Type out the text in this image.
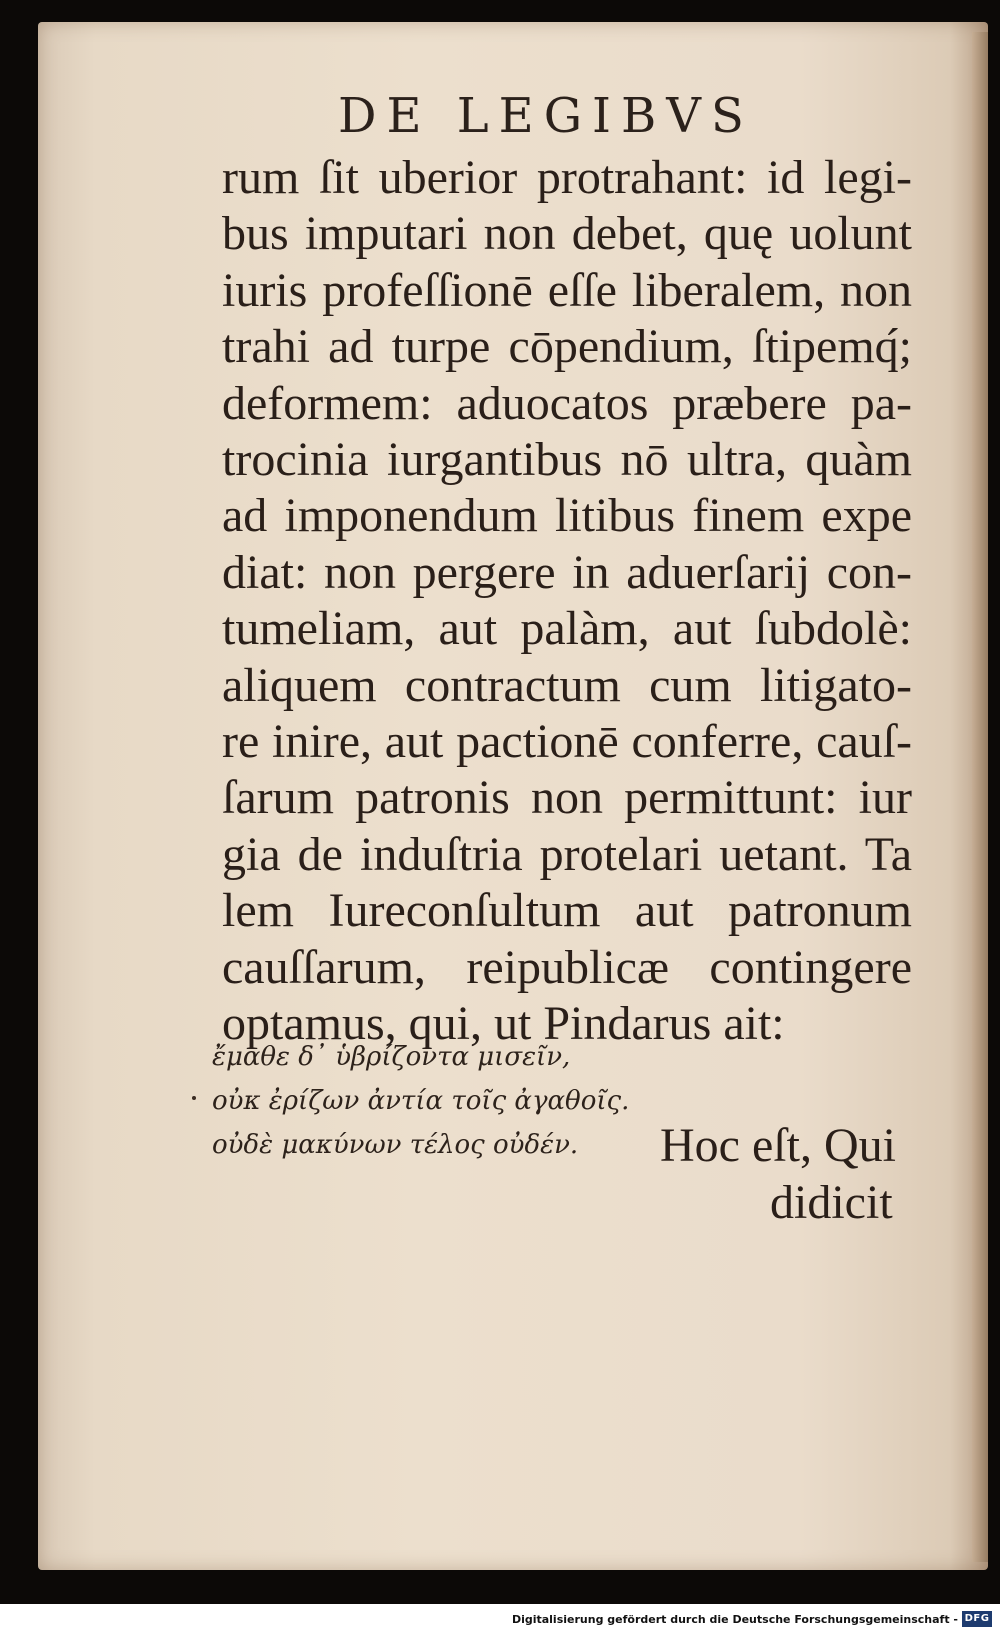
DE LEGIBVS
rum ſit uberior protrahant: id legi-
bus imputari non debet, quę uolunt
iuris profeſſionē eſſe liberalem, non
trahi ad turpe cōpendium, ſtipemq́;
deformem: aduocatos præbere pa-
trocinia iurgantibus nō ultra, quàm
ad imponendum litibus finem expe
diat: non pergere in aduerſarij con-
tumeliam, aut palàm, aut ſubdolè:
aliquem contractum cum litigato-
re inire, aut pactionē conferre, cauſ-
ſarum patronis non permittunt: iur
gia de induſtria protelari uetant. Ta
lem Iureconſultum aut patronum
cauſſarum, reipublicæ contingere
optamus, qui, ut Pindarus ait:
ἔμαθε δ᾽ ὑβρίζοντα μισεῖν,
οὐκ ἐρίζων ἀντία τοῖς ἀγαθοῖς.
οὐδὲ μακύνων τέλος οὐδέν.	Hoc eſt, Qui
didicit
Digitalisierung gefördert durch die Deutsche Forschungsgemeinschaft - DFG
